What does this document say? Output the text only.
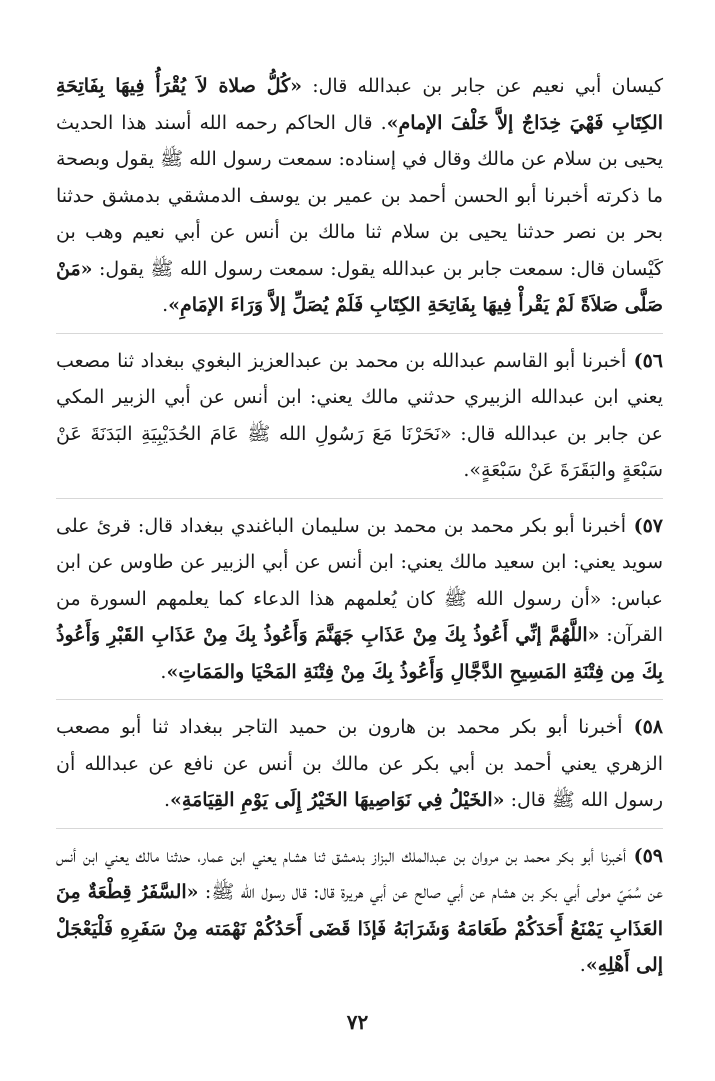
كيسان أبي نعيم عن جابر بن عبدالله قال: «كُلُّ صلاة لاَ يُقْرَأُ فِيهَا بِفَاتِحَةِ الكِتَابِ فَهْيَ خِدَاجٌ إلاَّ خَلْفَ الإمامِ». قال الحاكم رحمه الله أسند هذا الحديث يحيى بن سلام عن مالك وقال في إسناده: سمعت رسول الله ﷺ يقول وبصحة ما ذكرته أخبرنا أبو الحسن أحمد بن عمير بن يوسف الدمشقي بدمشق حدثنا بحر بن نصر حدثنا يحيى بن سلام ثنا مالك بن أنس عن أبي نعيم وهب بن كَيْسان قال: سمعت جابر بن عبدالله يقول: سمعت رسول الله ﷺ يقول: «مَنْ صَلَّى صَلاَةً لَمْ يَقْرأْ فِيهَا بِفَاتِحَةِ الكِتَابِ فَلَمْ يُصَلِّ إلاَّ وَرَاءَ الإمَامِ».

٥٦) أخبرنا أبو القاسم عبدالله بن محمد بن عبدالعزيز البغوي ببغداد ثنا مصعب يعني ابن عبدالله الزبيري حدثني مالك يعني: ابن أنس عن أبي الزبير المكي عن جابر بن عبدالله قال: «نَحَرْنَا مَعَ رَسُولِ الله ﷺ عَامَ الحُدَيْبِيَةِ البَدَنَةَ عَنْ سَبْعَةٍ والبَقَرَةَ عَنْ سَبْعَةٍ».

٥٧) أخبرنا أبو بكر محمد بن محمد بن سليمان الباغندي ببغداد قال: قرئ على سويد يعني: ابن سعيد مالك يعني: ابن أنس عن أبي الزبير عن طاوس عن ابن عباس: «أن رسول الله ﷺ كان يُعلمهم هذا الدعاء كما يعلمهم السورة من القرآن: «اللَّهُمَّ إنِّي أَعُوذُ بِكَ مِنْ عَذَابِ جَهَنَّمَ وَأَعُوذُ بِكَ مِنْ عَذَابِ القَبْرِ وَأَعُوذُ بِكَ مِن فِتْنَةِ المَسِيحِ الدَّجَّالِ وَأَعُوذُ بِكَ مِنْ فِتْنَةِ المَحْيَا والمَمَاتِ».

٥٨) أخبرنا أبو بكر محمد بن هارون بن حميد التاجر ببغداد ثنا أبو مصعب الزهري يعني أحمد بن أبي بكر عن مالك بن أنس عن نافع عن عبدالله أن رسول الله ﷺ قال: «الخَيْلُ فِي نَوَاصِيهَا الخَيْرُ إِلَى يَوْمِ القِيَامَةِ».

٥٩) أخبرنا أبو بكر محمد بن مروان بن عبدالملك البزاز بدمشق ثنا هشام يعني ابن عمار، حدثنا مالك يعني ابن أنس عن سُمَيّ مولى أبي بكر بن هشام عن أبي صالح عن أبي هريرة قال: قال رسول الله ﷺ: «السَّفَرُ قِطْعَةٌ مِنَ العَذَابِ يَمْنَعُ أَحَدَكُمْ طَعَامَهُ وَشَرَابَهُ فَإذَا قَضَى أَحَدُكُمْ نَهْمَته مِنْ سَفَرِهِ فَلْيَعْجَلْ إلى أَهْلِهِ».

٧٢
